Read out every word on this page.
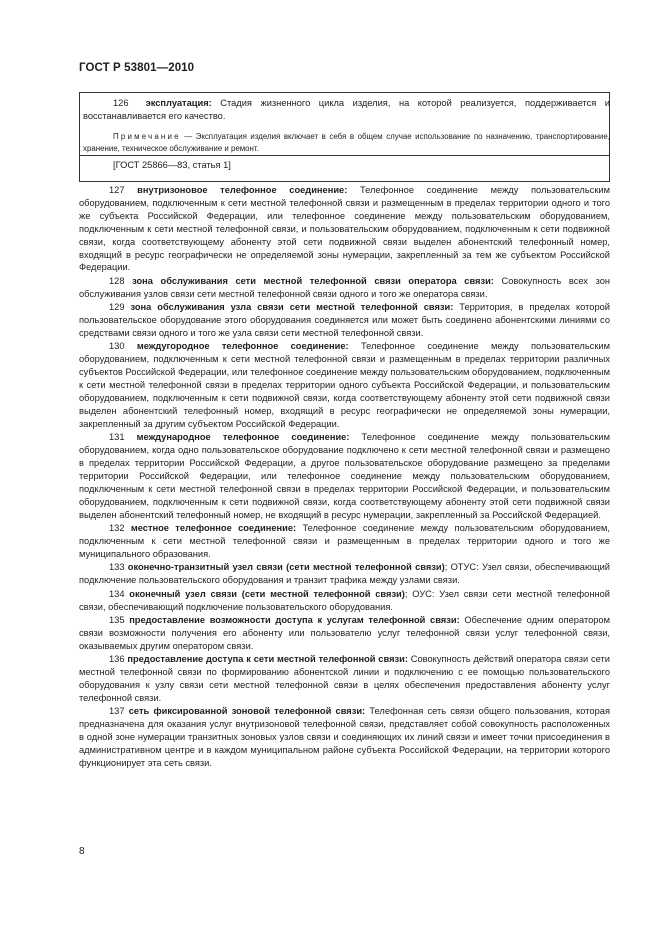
ГОСТ Р 53801—2010
126 эксплуатация: Стадия жизненного цикла изделия, на которой реализуется, поддерживается и восстанавливается его качество.
Примечание — Эксплуатация изделия включает в себя в общем случае использование по назначению, транспортирование, хранение, техническое обслуживание и ремонт.
[ГОСТ 25866—83, статья 1]

127 внутризоновое телефонное соединение: Телефонное соединение между пользовательским оборудованием, подключенным к сети местной телефонной связи и размещенным в пределах территории одного и того же субъекта Российской Федерации, или телефонное соединение между пользовательским оборудованием, подключенным к сети местной телефонной связи, и пользовательским оборудованием, подключенным к сети подвижной связи, когда соответствующему абоненту этой сети подвижной связи выделен абонентский телефонный номер, входящий в ресурс географически не определяемой зоны нумерации, закрепленный за тем же субъектом Российской Федерации.

128 зона обслуживания сети местной телефонной связи оператора связи: Совокупность всех зон обслуживания узлов связи сети местной телефонной связи одного и того же оператора связи.

129 зона обслуживания узла связи сети местной телефонной связи: Территория, в пределах которой пользовательское оборудование этого оборудования соединяется или может быть соединено абонентскими линиями со средствами связи одного и того же узла связи сети местной телефонной связи.

130 междугородное телефонное соединение: Телефонное соединение между пользовательским оборудованием, подключенным к сети местной телефонной связи и размещенным в пределах территории различных субъектов Российской Федерации, или телефонное соединение между пользовательским оборудованием, подключенным к сети местной телефонной связи в пределах территории одного субъекта Российской Федерации, и пользовательским оборудованием, подключенным к сети подвижной связи, когда соответствующему абоненту этой сети подвижной связи выделен абонентский телефонный номер, входящий в ресурс географически не определяемой зоны нумерации, закрепленный за другим субъектом Российской Федерации.

131 международное телефонное соединение: Телефонное соединение между пользовательским оборудованием, когда одно пользовательское оборудование подключено к сети местной телефонной связи и размещено в пределах территории Российской Федерации, а другое пользовательское оборудование размещено за пределами территории Российской Федерации, или телефонное соединение между пользовательским оборудованием, подключенным к сети местной телефонной связи в пределах территории Российской Федерации, и пользовательским оборудованием, подключенным к сети подвижной связи, когда соответствующему абоненту этой сети подвижной связи выделен абонентский телефонный номер, не входящий в ресурс нумерации, закрепленный за Российской Федерацией.

132 местное телефонное соединение: Телефонное соединение между пользовательским оборудованием, подключенным к сети местной телефонной связи и размещенным в пределах территории одного и того же муниципального образования.

133 оконечно-транзитный узел связи (сети местной телефонной связи); ОТУС: Узел связи, обеспечивающий подключение пользовательского оборудования и транзит трафика между узлами связи.

134 оконечный узел связи (сети местной телефонной связи); ОУС: Узел связи сети местной телефонной связи, обеспечивающий подключение пользовательского оборудования.

135 предоставление возможности доступа к услугам телефонной связи: Обеспечение одним оператором связи возможности получения его абоненту или пользователю услуг телефонной связи услуг телефонной связи, оказываемых другим оператором связи.

136 предоставление доступа к сети местной телефонной связи: Совокупность действий оператора связи сети местной телефонной связи по формированию абонентской линии и подключению с ее помощью пользовательского оборудования к узлу связи сети местной телефонной связи в целях обеспечения предоставления абоненту услуг телефонной связи.

137 сеть фиксированной зоновой телефонной связи: Телефонная сеть связи общего пользования, которая предназначена для оказания услуг внутризоновой телефонной связи, представляет собой совокупность расположенных в одной зоне нумерации транзитных зоновых узлов связи и соединяющих их линий связи и имеет точки присоединения в административном центре и в каждом муниципальном районе субъекта Российской Федерации, на территории которого функционирует эта сеть связи.

8
